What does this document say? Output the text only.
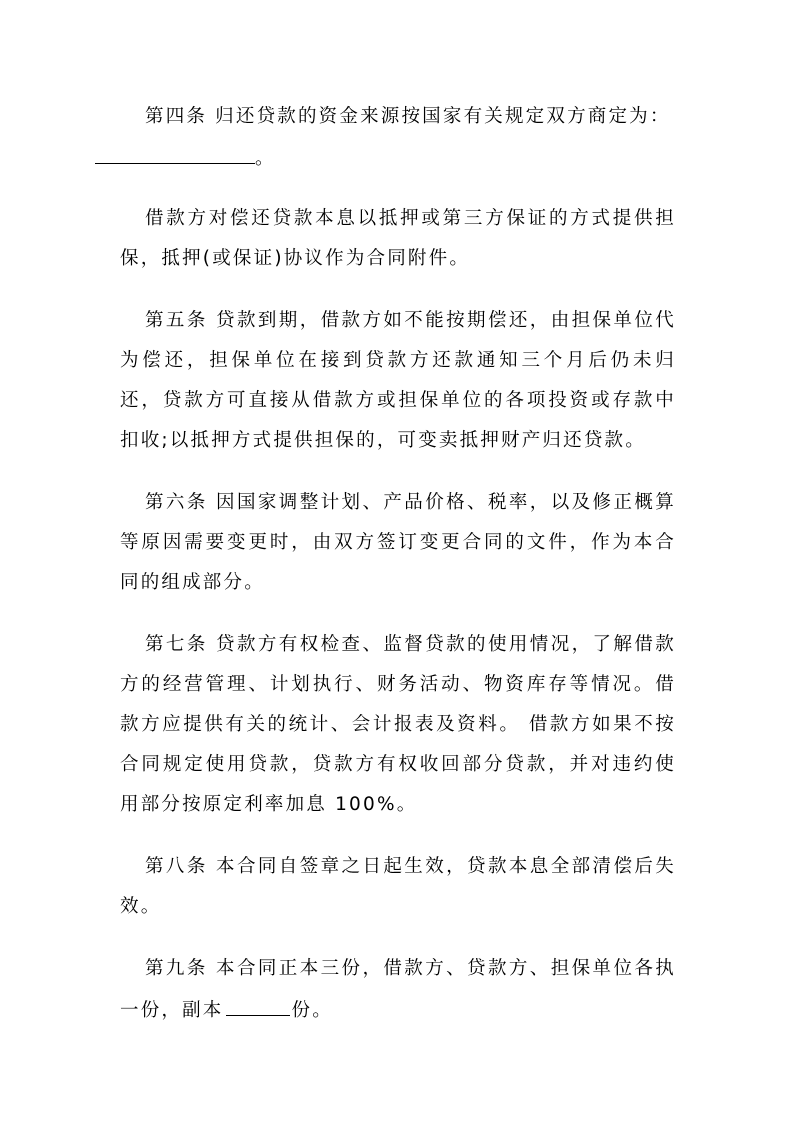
第四条 归还贷款的资金来源按国家有关规定双方商定为：
。

借款方对偿还贷款本息以抵押或第三方保证的方式提供担保，抵押(或保证)协议作为合同附件。

第五条 贷款到期，借款方如不能按期偿还，由担保单位代为偿还，担保单位在接到贷款方还款通知三个月后仍未归还，贷款方可直接从借款方或担保单位的各项投资或存款中扣收;以抵押方式提供担保的，可变卖抵押财产归还贷款。

第六条 因国家调整计划、产品价格、税率，以及修正概算等原因需要变更时，由双方签订变更合同的文件，作为本合同的组成部分。

第七条 贷款方有权检查、监督贷款的使用情况，了解借款方的经营管理、计划执行、财务活动、物资库存等情况。借款方应提供有关的统计、会计报表及资料。 借款方如果不按合同规定使用贷款，贷款方有权收回部分贷款，并对违约使用部分按原定利率加息 100%。

第八条 本合同自签章之日起生效，贷款本息全部清偿后失效。

第九条 本合同正本三份，借款方、贷款方、担保单位各执一份，副本	份。
